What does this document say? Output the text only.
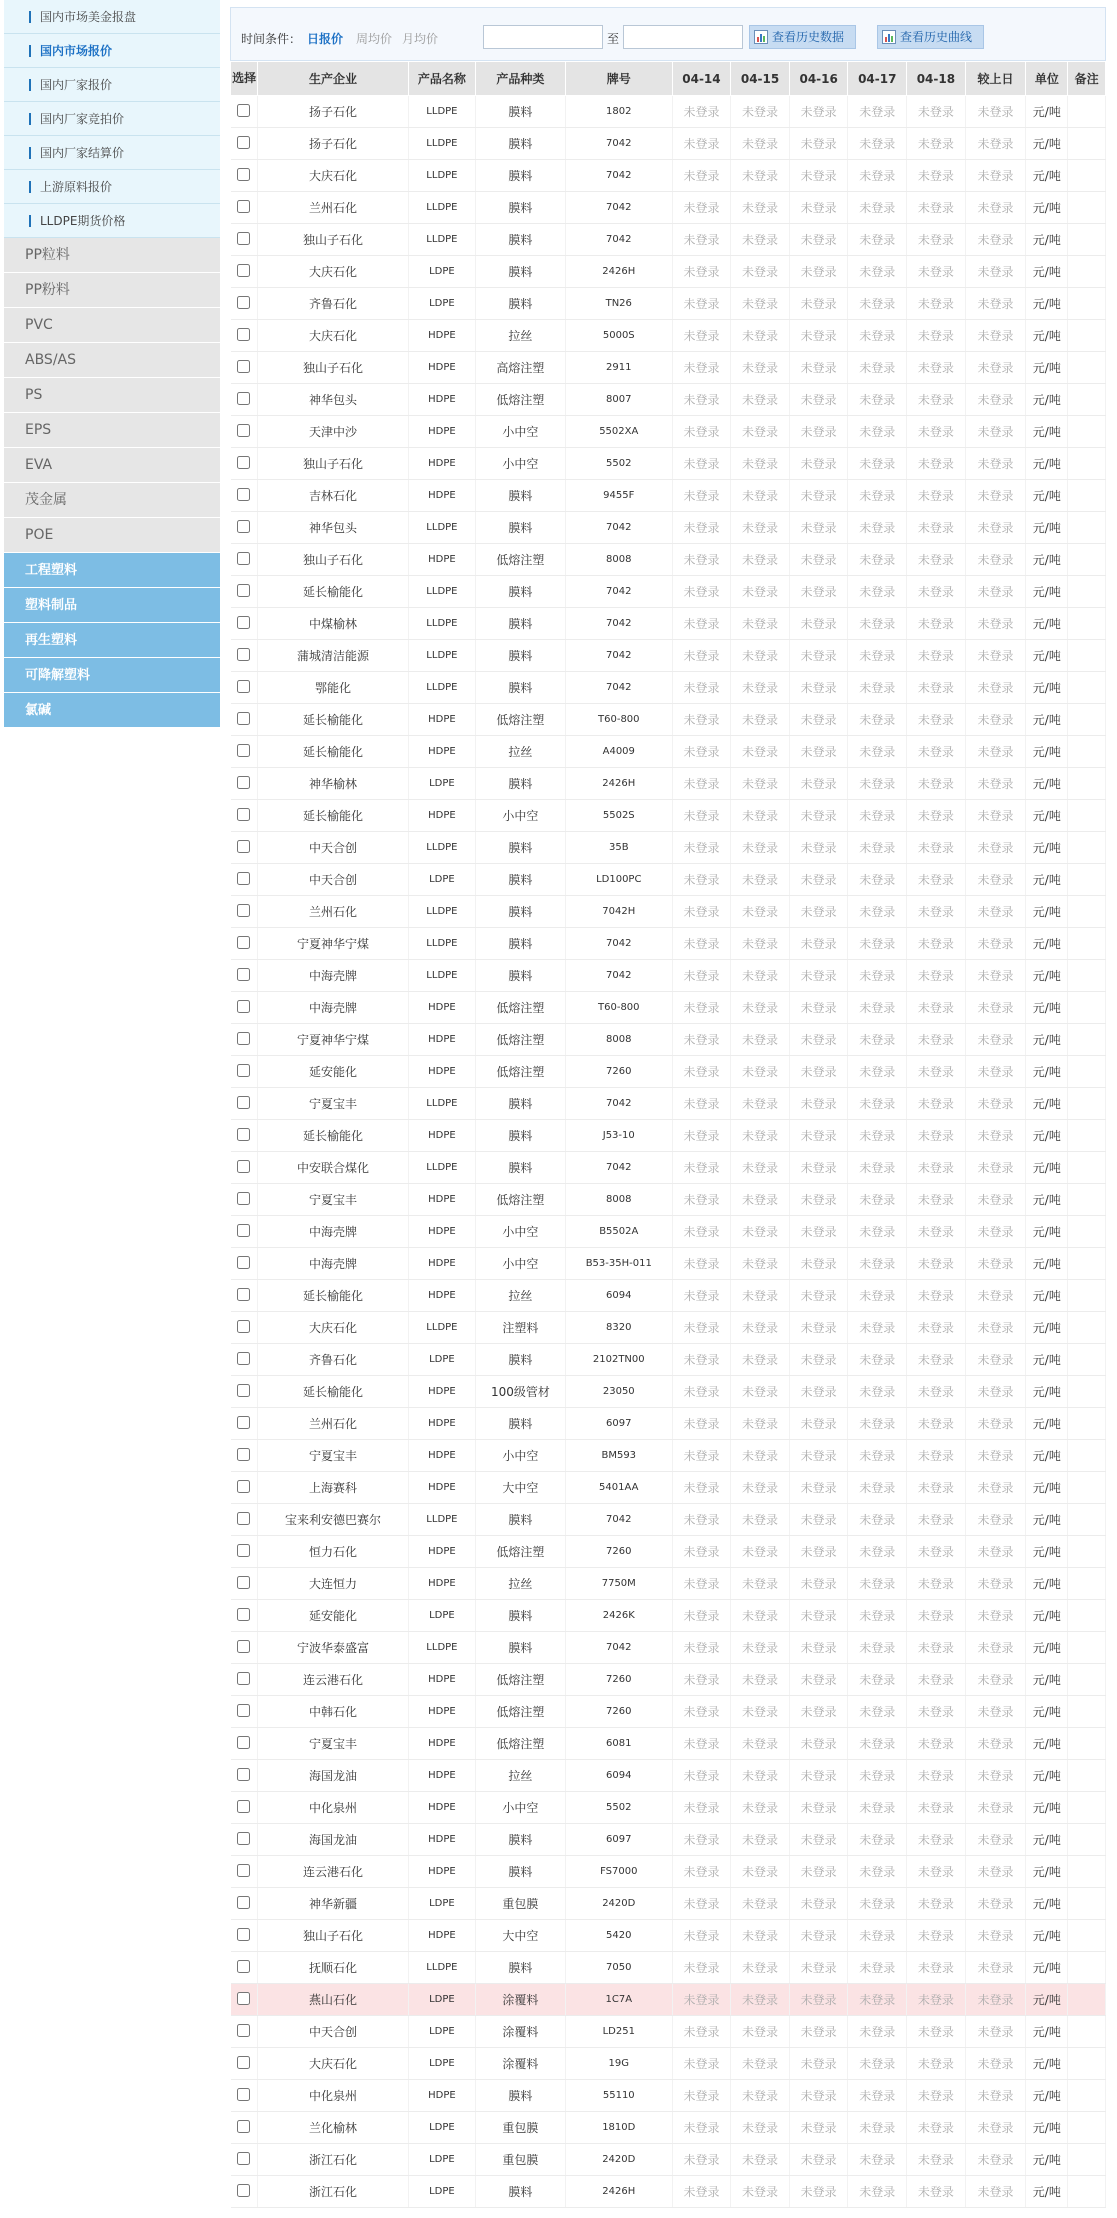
国内市场美金报盘
国内市场报价
国内厂家报价
国内厂家竞拍价
国内厂家结算价
上游原料报价
LLDPE期货价格
PP粒料
PP粉料
PVC
ABS/AS
PS
EPS
EVA
茂金属
POE
工程塑料
塑料制品
再生塑料
可降解塑料
氯碱
时间条件： 日报价 周均价 月均价	至	查看历史数据	查看历史曲线
选择	生产企业	产品名称	产品种类	牌号	04-14	04-15	04-16	04-17	04-18	较上日	单位	备注
	扬子石化	LLDPE	膜料	1802	未登录	未登录	未登录	未登录	未登录	未登录	元/吨	
	扬子石化	LLDPE	膜料	7042	未登录	未登录	未登录	未登录	未登录	未登录	元/吨	
	大庆石化	LLDPE	膜料	7042	未登录	未登录	未登录	未登录	未登录	未登录	元/吨	
	兰州石化	LLDPE	膜料	7042	未登录	未登录	未登录	未登录	未登录	未登录	元/吨	
	独山子石化	LLDPE	膜料	7042	未登录	未登录	未登录	未登录	未登录	未登录	元/吨	
	大庆石化	LDPE	膜料	2426H	未登录	未登录	未登录	未登录	未登录	未登录	元/吨	
	齐鲁石化	LDPE	膜料	TN26	未登录	未登录	未登录	未登录	未登录	未登录	元/吨	
	大庆石化	HDPE	拉丝	5000S	未登录	未登录	未登录	未登录	未登录	未登录	元/吨	
	独山子石化	HDPE	高熔注塑	2911	未登录	未登录	未登录	未登录	未登录	未登录	元/吨	
	神华包头	HDPE	低熔注塑	8007	未登录	未登录	未登录	未登录	未登录	未登录	元/吨	
	天津中沙	HDPE	小中空	5502XA	未登录	未登录	未登录	未登录	未登录	未登录	元/吨	
	独山子石化	HDPE	小中空	5502	未登录	未登录	未登录	未登录	未登录	未登录	元/吨	
	吉林石化	HDPE	膜料	9455F	未登录	未登录	未登录	未登录	未登录	未登录	元/吨	
	神华包头	LLDPE	膜料	7042	未登录	未登录	未登录	未登录	未登录	未登录	元/吨	
	独山子石化	HDPE	低熔注塑	8008	未登录	未登录	未登录	未登录	未登录	未登录	元/吨	
	延长榆能化	LLDPE	膜料	7042	未登录	未登录	未登录	未登录	未登录	未登录	元/吨	
	中煤榆林	LLDPE	膜料	7042	未登录	未登录	未登录	未登录	未登录	未登录	元/吨	
	蒲城清洁能源	LLDPE	膜料	7042	未登录	未登录	未登录	未登录	未登录	未登录	元/吨	
	鄂能化	LLDPE	膜料	7042	未登录	未登录	未登录	未登录	未登录	未登录	元/吨	
	延长榆能化	HDPE	低熔注塑	T60-800	未登录	未登录	未登录	未登录	未登录	未登录	元/吨	
	延长榆能化	HDPE	拉丝	A4009	未登录	未登录	未登录	未登录	未登录	未登录	元/吨	
	神华榆林	LDPE	膜料	2426H	未登录	未登录	未登录	未登录	未登录	未登录	元/吨	
	延长榆能化	HDPE	小中空	5502S	未登录	未登录	未登录	未登录	未登录	未登录	元/吨	
	中天合创	LLDPE	膜料	35B	未登录	未登录	未登录	未登录	未登录	未登录	元/吨	
	中天合创	LDPE	膜料	LD100PC	未登录	未登录	未登录	未登录	未登录	未登录	元/吨	
	兰州石化	LLDPE	膜料	7042H	未登录	未登录	未登录	未登录	未登录	未登录	元/吨	
	宁夏神华宁煤	LLDPE	膜料	7042	未登录	未登录	未登录	未登录	未登录	未登录	元/吨	
	中海壳牌	LLDPE	膜料	7042	未登录	未登录	未登录	未登录	未登录	未登录	元/吨	
	中海壳牌	HDPE	低熔注塑	T60-800	未登录	未登录	未登录	未登录	未登录	未登录	元/吨	
	宁夏神华宁煤	HDPE	低熔注塑	8008	未登录	未登录	未登录	未登录	未登录	未登录	元/吨	
	延安能化	HDPE	低熔注塑	7260	未登录	未登录	未登录	未登录	未登录	未登录	元/吨	
	宁夏宝丰	LLDPE	膜料	7042	未登录	未登录	未登录	未登录	未登录	未登录	元/吨	
	延长榆能化	HDPE	膜料	J53-10	未登录	未登录	未登录	未登录	未登录	未登录	元/吨	
	中安联合煤化	LLDPE	膜料	7042	未登录	未登录	未登录	未登录	未登录	未登录	元/吨	
	宁夏宝丰	HDPE	低熔注塑	8008	未登录	未登录	未登录	未登录	未登录	未登录	元/吨	
	中海壳牌	HDPE	小中空	B5502A	未登录	未登录	未登录	未登录	未登录	未登录	元/吨	
	中海壳牌	HDPE	小中空	B53-35H-011	未登录	未登录	未登录	未登录	未登录	未登录	元/吨	
	延长榆能化	HDPE	拉丝	6094	未登录	未登录	未登录	未登录	未登录	未登录	元/吨	
	大庆石化	LLDPE	注塑料	8320	未登录	未登录	未登录	未登录	未登录	未登录	元/吨	
	齐鲁石化	LDPE	膜料	2102TN00	未登录	未登录	未登录	未登录	未登录	未登录	元/吨	
	延长榆能化	HDPE	100级管材	23050	未登录	未登录	未登录	未登录	未登录	未登录	元/吨	
	兰州石化	HDPE	膜料	6097	未登录	未登录	未登录	未登录	未登录	未登录	元/吨	
	宁夏宝丰	HDPE	小中空	BM593	未登录	未登录	未登录	未登录	未登录	未登录	元/吨	
	上海赛科	HDPE	大中空	5401AA	未登录	未登录	未登录	未登录	未登录	未登录	元/吨	
	宝来利安德巴赛尔	LLDPE	膜料	7042	未登录	未登录	未登录	未登录	未登录	未登录	元/吨	
	恒力石化	HDPE	低熔注塑	7260	未登录	未登录	未登录	未登录	未登录	未登录	元/吨	
	大连恒力	HDPE	拉丝	7750M	未登录	未登录	未登录	未登录	未登录	未登录	元/吨	
	延安能化	LDPE	膜料	2426K	未登录	未登录	未登录	未登录	未登录	未登录	元/吨	
	宁波华泰盛富	LLDPE	膜料	7042	未登录	未登录	未登录	未登录	未登录	未登录	元/吨	
	连云港石化	HDPE	低熔注塑	7260	未登录	未登录	未登录	未登录	未登录	未登录	元/吨	
	中韩石化	HDPE	低熔注塑	7260	未登录	未登录	未登录	未登录	未登录	未登录	元/吨	
	宁夏宝丰	HDPE	低熔注塑	6081	未登录	未登录	未登录	未登录	未登录	未登录	元/吨	
	海国龙油	HDPE	拉丝	6094	未登录	未登录	未登录	未登录	未登录	未登录	元/吨	
	中化泉州	HDPE	小中空	5502	未登录	未登录	未登录	未登录	未登录	未登录	元/吨	
	海国龙油	HDPE	膜料	6097	未登录	未登录	未登录	未登录	未登录	未登录	元/吨	
	连云港石化	HDPE	膜料	FS7000	未登录	未登录	未登录	未登录	未登录	未登录	元/吨	
	神华新疆	LDPE	重包膜	2420D	未登录	未登录	未登录	未登录	未登录	未登录	元/吨	
	独山子石化	HDPE	大中空	5420	未登录	未登录	未登录	未登录	未登录	未登录	元/吨	
	抚顺石化	LLDPE	膜料	7050	未登录	未登录	未登录	未登录	未登录	未登录	元/吨	
	燕山石化	LDPE	涂覆料	1C7A	未登录	未登录	未登录	未登录	未登录	未登录	元/吨	
	中天合创	LDPE	涂覆料	LD251	未登录	未登录	未登录	未登录	未登录	未登录	元/吨	
	大庆石化	LDPE	涂覆料	19G	未登录	未登录	未登录	未登录	未登录	未登录	元/吨	
	中化泉州	HDPE	膜料	55110	未登录	未登录	未登录	未登录	未登录	未登录	元/吨	
	兰化榆林	LDPE	重包膜	1810D	未登录	未登录	未登录	未登录	未登录	未登录	元/吨	
	浙江石化	LDPE	重包膜	2420D	未登录	未登录	未登录	未登录	未登录	未登录	元/吨	
	浙江石化	LDPE	膜料	2426H	未登录	未登录	未登录	未登录	未登录	未登录	元/吨	
